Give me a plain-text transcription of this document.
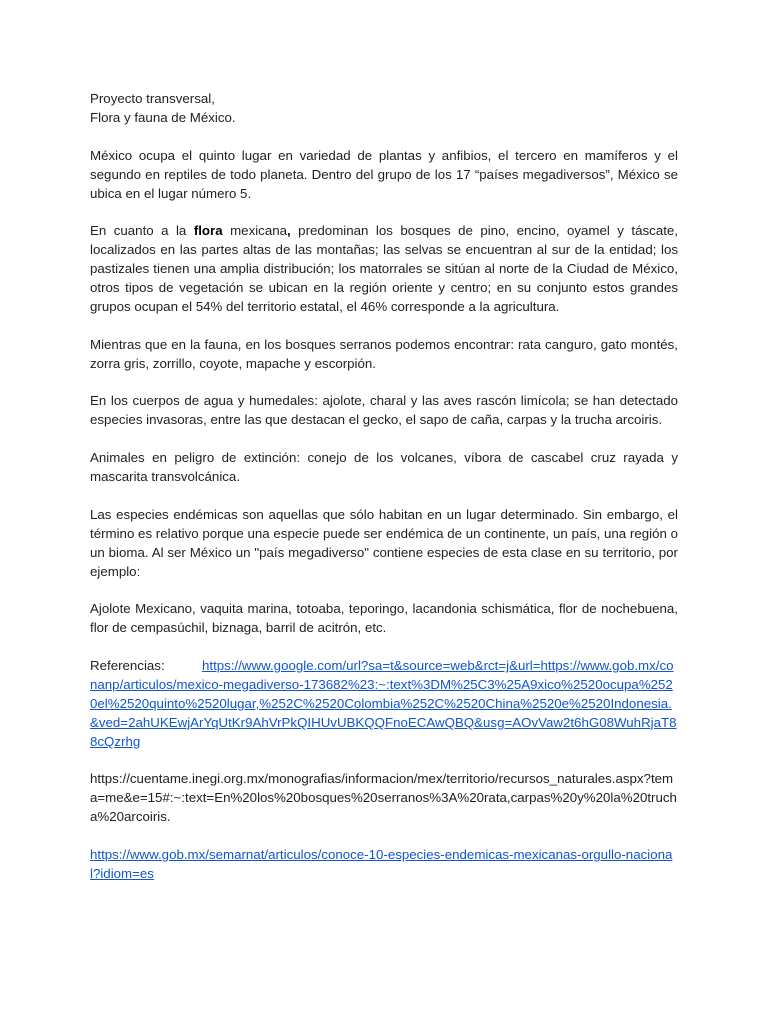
Proyecto transversal,

Flora y fauna de México.

México ocupa el quinto lugar en variedad de plantas y anfibios, el tercero en mamíferos y el segundo en reptiles de todo planeta. Dentro del grupo de los 17 “países megadiversos”, México se ubica en el lugar número 5.

En cuanto a la flora mexicana, predominan los bosques de pino, encino, oyamel y táscate, localizados en las partes altas de las montañas; las selvas se encuentran al sur de la entidad; los pastizales tienen una amplia distribución; los matorrales se sitúan al norte de la Ciudad de México, otros tipos de vegetación se ubican en la región oriente y centro; en su conjunto estos grandes grupos ocupan el 54% del territorio estatal, el 46% corresponde a la agricultura.

Mientras que en la fauna, en los bosques serranos podemos encontrar: rata canguro, gato montés, zorra gris, zorrillo, coyote, mapache y escorpión.

En los cuerpos de agua y humedales: ajolote, charal y las aves rascón limícola; se han detectado especies invasoras, entre las que destacan el gecko, el sapo de caña, carpas y la trucha arcoiris.

Animales en peligro de extinción: conejo de los volcanes, víbora de cascabel cruz rayada y mascarita transvolcánica.

Las especies endémicas son aquellas que sólo habitan en un lugar determinado. Sin embargo, el término es relativo porque una especie puede ser endémica de un continente, un país, una región o un bioma. Al ser México un "país megadiverso" contiene especies de esta clase en su territorio, por ejemplo:

Ajolote Mexicano, vaquita marina, totoaba, teporingo, lacandonia schismática, flor de nochebuena, flor de cempasúchil, biznaga, barril de acitrón, etc.

Referencias:	https://www.google.com/url?sa=t&source=web&rct=j&url=https://www.gob.mx/conanp/articulos/mexico-megadiverso-173682%23:~:text%3DM%25C3%25A9xico%2520ocupa%2520el%2520quinto%2520lugar,%252C%2520Colombia%252C%2520China%2520e%2520Indonesia.&ved=2ahUKEwjArYqUtKr9AhVrPkQIHUvUBKQQFnoECAwQBQ&usg=AOvVaw2t6hG08WuhRjaT88cQzrhg

https://cuentame.inegi.org.mx/monografias/informacion/mex/territorio/recursos_naturales.aspx?tema=me&e=15#:~:text=En%20los%20bosques%20serranos%3A%20rata,carpas%20y%20la%20trucha%20arcoiris.

https://www.gob.mx/semarnat/articulos/conoce-10-especies-endemicas-mexicanas-orgullo-nacional?idiom=es
